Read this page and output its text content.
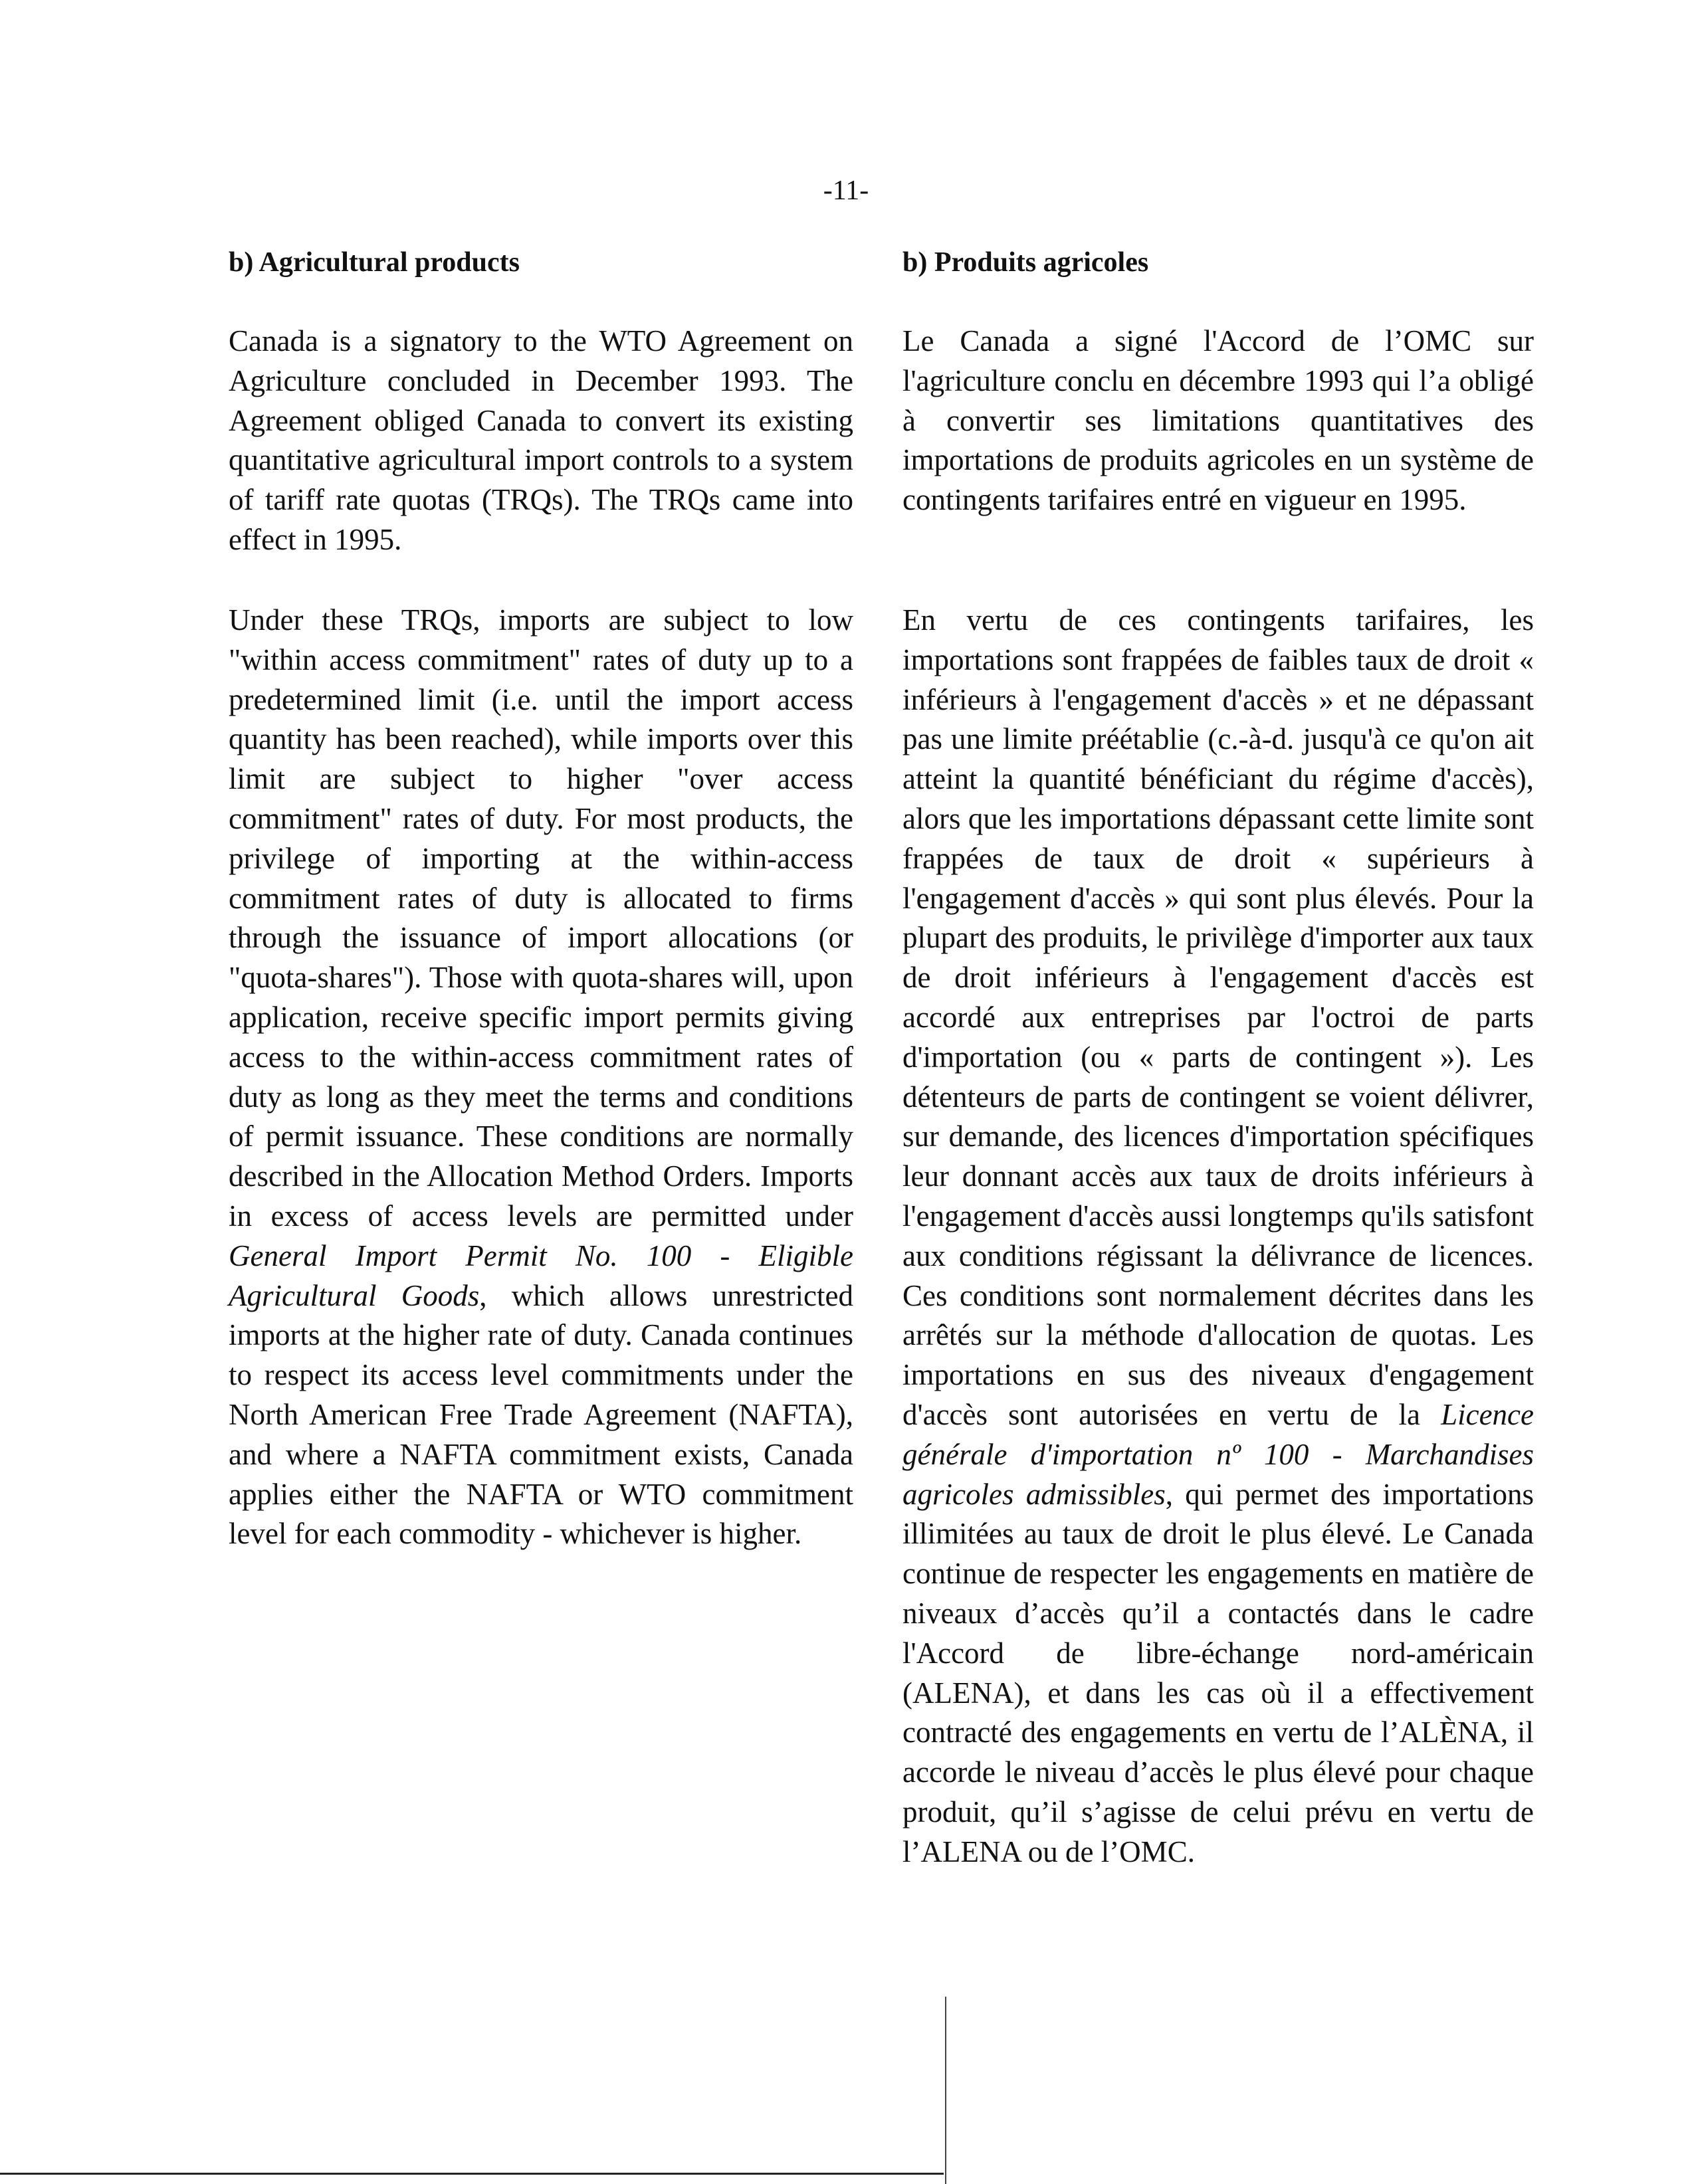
-11-
b) Agricultural products

Canada is a signatory to the WTO Agreement on Agriculture concluded in December 1993. The Agreement obliged Canada to convert its existing quantitative agricultural import controls to a system of tariff rate quotas (TRQs). The TRQs came into effect in 1995.

Under these TRQs, imports are subject to low "within access commitment" rates of duty up to a predetermined limit (i.e. until the import access quantity has been reached), while imports over this limit are subject to higher "over access commitment" rates of duty. For most products, the privilege of importing at the within-access commitment rates of duty is allocated to firms through the issuance of import allocations (or "quota-shares"). Those with quota-shares will, upon application, receive specific import permits giving access to the within-access commitment rates of duty as long as they meet the terms and conditions of permit issuance. These conditions are normally described in the Allocation Method Orders. Imports in excess of access levels are permitted under General Import Permit No. 100 - Eligible Agricultural Goods, which allows unrestricted imports at the higher rate of duty. Canada continues to respect its access level commitments under the North American Free Trade Agreement (NAFTA), and where a NAFTA commitment exists, Canada applies either the NAFTA or WTO commitment level for each commodity - whichever is higher.

b) Produits agricoles

Le Canada a signé l'Accord de l’OMC sur l'agriculture conclu en décembre 1993 qui l’a obligé à convertir ses limitations quantitatives des importations de produits agricoles en un système de contingents tarifaires entré en vigueur en 1995.

En vertu de ces contingents tarifaires, les importations sont frappées de faibles taux de droit « inférieurs à l'engagement d'accès » et ne dépassant pas une limite préétablie (c.-à-d. jusqu'à ce qu'on ait atteint la quantité bénéficiant du régime d'accès), alors que les importations dépassant cette limite sont frappées de taux de droit « supérieurs à l'engagement d'accès » qui sont plus élevés. Pour la plupart des produits, le privilège d'importer aux taux de droit inférieurs à l'engagement d'accès est accordé aux entreprises par l'octroi de parts d'importation (ou « parts de contingent »). Les détenteurs de parts de contingent se voient délivrer, sur demande, des licences d'importation spécifiques leur donnant accès aux taux de droits inférieurs à l'engagement d'accès aussi longtemps qu'ils satisfont aux conditions régissant la délivrance de licences. Ces conditions sont normalement décrites dans les arrêtés sur la méthode d'allocation de quotas. Les importations en sus des niveaux d'engagement d'accès sont autorisées en vertu de la Licence générale d'importation nº 100 - Marchandises agricoles admissibles, qui permet des importations illimitées au taux de droit le plus élevé. Le Canada continue de respecter les engagements en matière de niveaux d’accès qu’il a contactés dans le cadre l'Accord de libre-échange nord-américain (ALENA), et dans les cas où il a effectivement contracté des engagements en vertu de l’ALÈNA, il accorde le niveau d’accès le plus élevé pour chaque produit, qu’il s’agisse de celui prévu en vertu de l’ALENA ou de l’OMC.
